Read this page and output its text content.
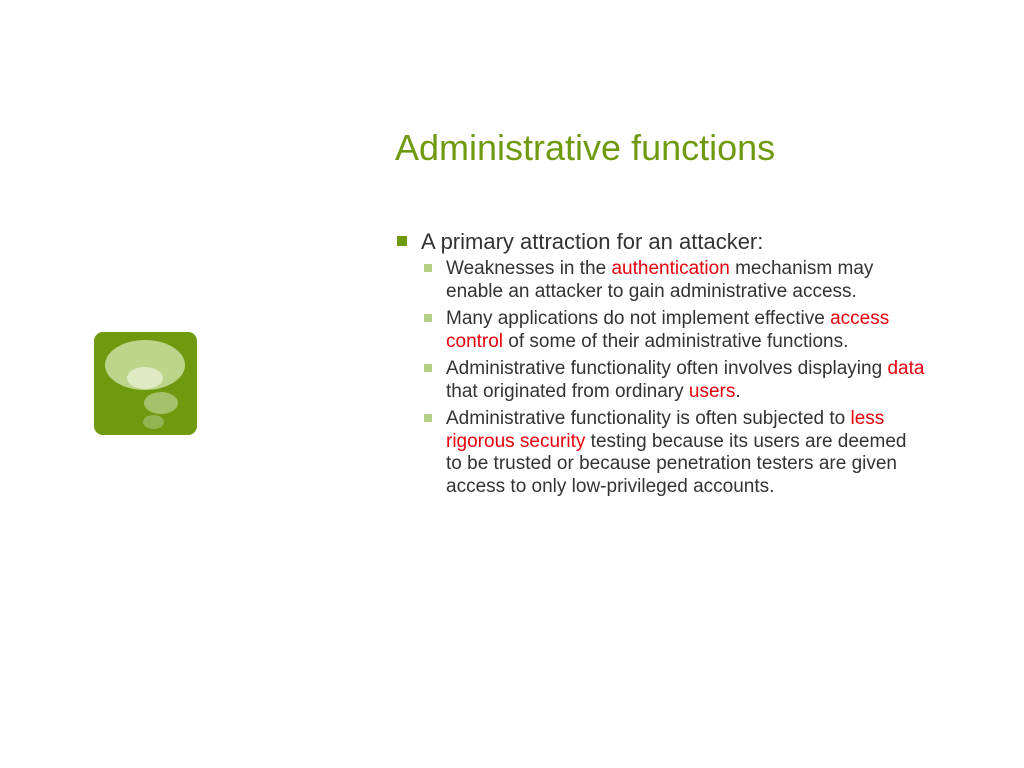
Administrative functions
A primary attraction for an attacker:
Weaknesses in the authentication mechanism may enable an attacker to gain administrative access.
Many applications do not implement effective access control of some of their administrative functions.
Administrative functionality often involves displaying data that originated from ordinary users.
Administrative functionality is often subjected to less rigorous security testing because its users are deemed to be trusted or because penetration testers are given access to only low-privileged accounts.
